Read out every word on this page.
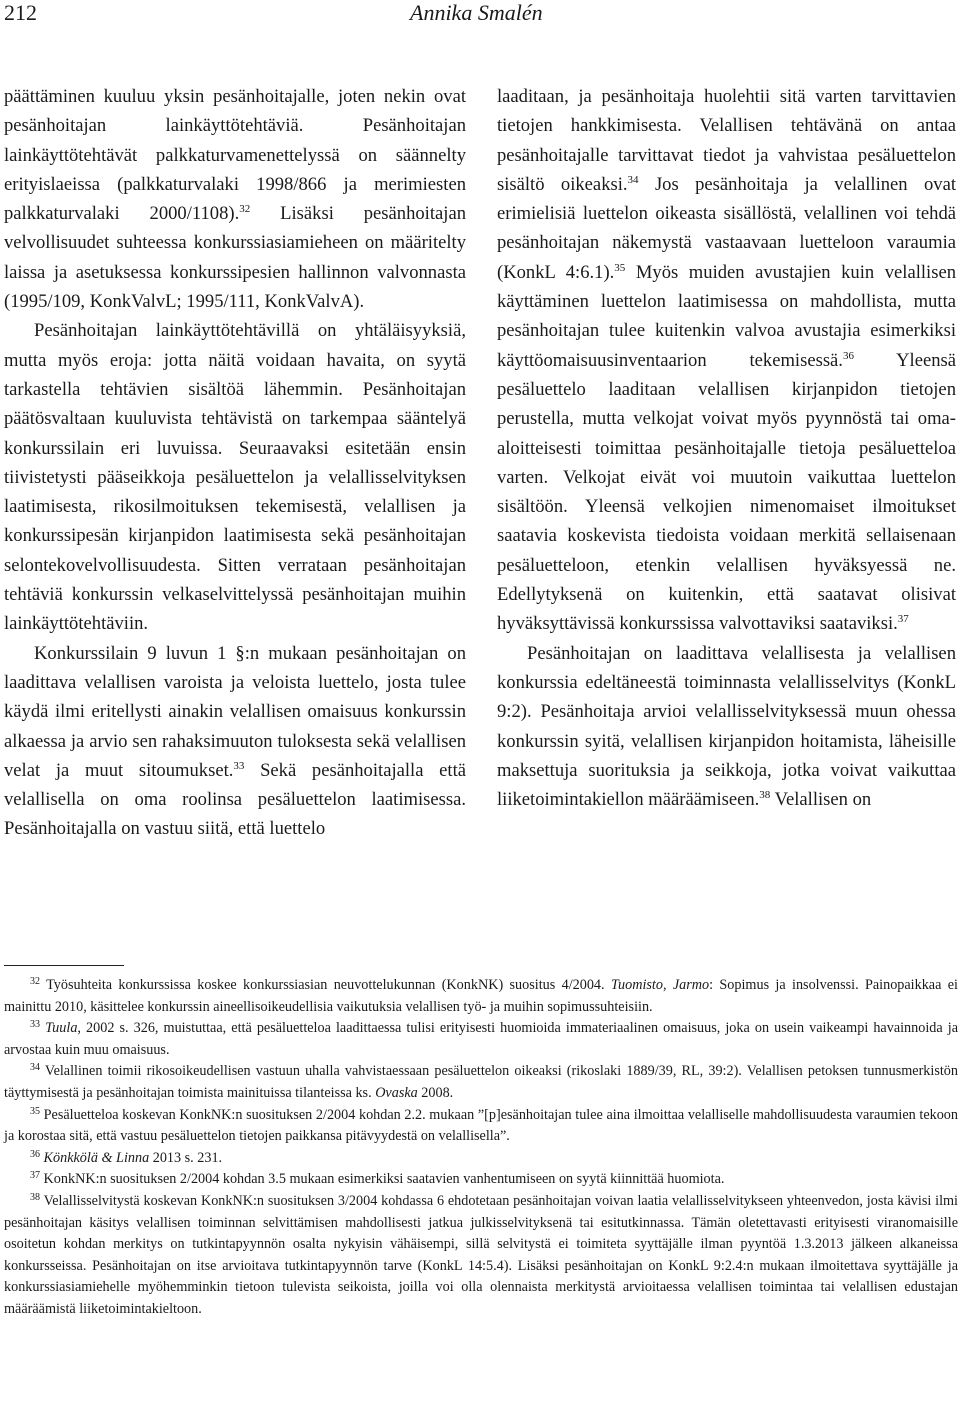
212	Annika Smalén

päättäminen kuuluu yksin pesänhoitajalle, joten nekin ovat pesänhoitajan lainkäyttötehtäviä. Pesänhoitajan lainkäyttötehtävät palkkaturvamenettelyssä on säännelty erityislaeissa (palkkaturvalaki 1998/866 ja merimiesten palkkaturvalaki 2000/1108).$^{32}$ Lisäksi pesänhoitajan velvollisuudet suhteessa konkurssiasiamieheen on määritelty laissa ja asetuksessa konkurssipesien hallinnon valvonnasta (1995/109, KonkValvL; 1995/111, KonkValvA).

Pesänhoitajan lainkäyttötehtävillä on yhtäläisyyksiä, mutta myös eroja: jotta näitä voidaan havaita, on syytä tarkastella tehtävien sisältöä lähemmin. Pesänhoitajan päätösvaltaan kuuluvista tehtävistä on tarkempaa sääntelyä konkurssilain eri luvuissa. Seuraavaksi esitetään ensin tiivistetysti pääseikkoja pesäluettelon ja velallisselvityksen laatimisesta, rikosilmoituksen tekemisestä, velallisen ja konkurssipesän kirjanpidon laatimisesta sekä pesänhoitajan selontekovelvollisuudesta. Sitten verrataan pesänhoitajan tehtäviä konkurssin velkaselvittelyssä pesänhoitajan muihin lainkäyttötehtäviin.

Konkurssilain 9 luvun 1 §:n mukaan pesänhoitajan on laadittava velallisen varoista ja veloista luettelo, josta tulee käydä ilmi eritellysti ainakin velallisen omaisuus konkurssin alkaessa ja arvio sen rahaksimuuton tuloksesta sekä velallisen velat ja muut sitoumukset.$^{33}$ Sekä pesänhoitajalla että velallisella on oma roolinsa pesäluettelon laatimisessa. Pesänhoitajalla on vastuu siitä, että luettelo

laaditaan, ja pesänhoitaja huolehtii sitä varten tarvittavien tietojen hankkimisesta. Velallisen tehtävänä on antaa pesänhoitajalle tarvittavat tiedot ja vahvistaa pesäluettelon sisältö oikeaksi.$^{34}$ Jos pesänhoitaja ja velallinen ovat erimielisiä luettelon oikeasta sisällöstä, velallinen voi tehdä pesänhoitajan näkemystä vastaavaan luetteloon varaumia (KonkL 4:6.1).$^{35}$ Myös muiden avustajien kuin velallisen käyttäminen luettelon laatimisessa on mahdollista, mutta pesänhoitajan tulee kuitenkin valvoa avustajia esimerkiksi käyttöomaisuusinventaarion tekemisessä.$^{36}$ Yleensä pesäluettelo laaditaan velallisen kirjanpidon tietojen perustella, mutta velkojat voivat myös pyynnöstä tai oma-aloitteisesti toimittaa pesänhoitajalle tietoja pesäluetteloa varten. Velkojat eivät voi muutoin vaikuttaa luettelon sisältöön. Yleensä velkojien nimenomaiset ilmoitukset saatavia koskevista tiedoista voidaan merkitä sellaisenaan pesäluetteloon, etenkin velallisen hyväksyessä ne. Edellytyksenä on kuitenkin, että saatavat olisivat hyväksyttävissä konkurssissa valvottaviksi saataviksi.$^{37}$

Pesänhoitajan on laadittava velallisesta ja velallisen konkurssia edeltäneestä toiminnasta velallisselvitys (KonkL 9:2). Pesänhoitaja arvioi velallisselvityksessä muun ohessa konkurssin syitä, velallisen kirjanpidon hoitamista, läheisille maksettuja suorituksia ja seikkoja, jotka voivat vaikuttaa liiketoimintakiellon määräämiseen.$^{38}$ Velallisen on

$^{32}$ Työsuhteita konkurssissa koskee konkurssiasian neuvottelukunnan (KonkNK) suositus 4/2004. Tuomisto, Jarmo: Sopimus ja insolvenssi. Painopaikkaa ei mainittu 2010, käsittelee konkurssin aineellisoikeudellisia vaikutuksia velallisen työ- ja muihin sopimussuhteisiin.

$^{33}$ Tuula, 2002 s. 326, muistuttaa, että pesäluetteloa laadittaessa tulisi erityisesti huomioida immateriaalinen omaisuus, joka on usein vaikeampi havainnoida ja arvostaa kuin muu omaisuus.

$^{34}$ Velallinen toimii rikosoikeudellisen vastuun uhalla vahvistaessaan pesäluettelon oikeaksi (rikoslaki 1889/39, RL, 39:2). Velallisen petoksen tunnusmerkistön täyttymisestä ja pesänhoitajan toimista mainituissa tilanteissa ks. Ovaska 2008.

$^{35}$ Pesäluetteloa koskevan KonkNK:n suosituksen 2/2004 kohdan 2.2. mukaan ”[p]esänhoitajan tulee aina ilmoittaa velalliselle mahdollisuudesta varaumien tekoon ja korostaa sitä, että vastuu pesäluettelon tietojen paikkansa pitävyydestä on velallisella”.

$^{36}$ Könkkölä & Linna 2013 s. 231.

$^{37}$ KonkNK:n suosituksen 2/2004 kohdan 3.5 mukaan esimerkiksi saatavien vanhentumiseen on syytä kiinnittää huomiota.

$^{38}$ Velallisselvitystä koskevan KonkNK:n suosituksen 3/2004 kohdassa 6 ehdotetaan pesänhoitajan voivan laatia velallisselvitykseen yhteenvedon, josta kävisi ilmi pesänhoitajan käsitys velallisen toiminnan selvittämisen mahdollisesti jatkua julkisselvityksenä tai esitutkinnassa. Tämän oletettavasti erityisesti viranomaisille osoitetun kohdan merkitys on tutkintapyynnön osalta nykyisin vähäisempi, sillä selvitystä ei toimiteta syyttäjälle ilman pyyntöä 1.3.2013 jälkeen alkaneissa konkursseissa. Pesänhoitajan on itse arvioitava tutkintapyynnön tarve (KonkL 14:5.4). Lisäksi pesänhoitajan on KonkL 9:2.4:n mukaan ilmoitettava syyttäjälle ja konkurssiasiamiehelle myöhemminkin tietoon tulevista seikoista, joilla voi olla olennaista merkitystä arvioitaessa velallisen toimintaa tai velallisen edustajan määräämistä liiketoimintakieltoon.
